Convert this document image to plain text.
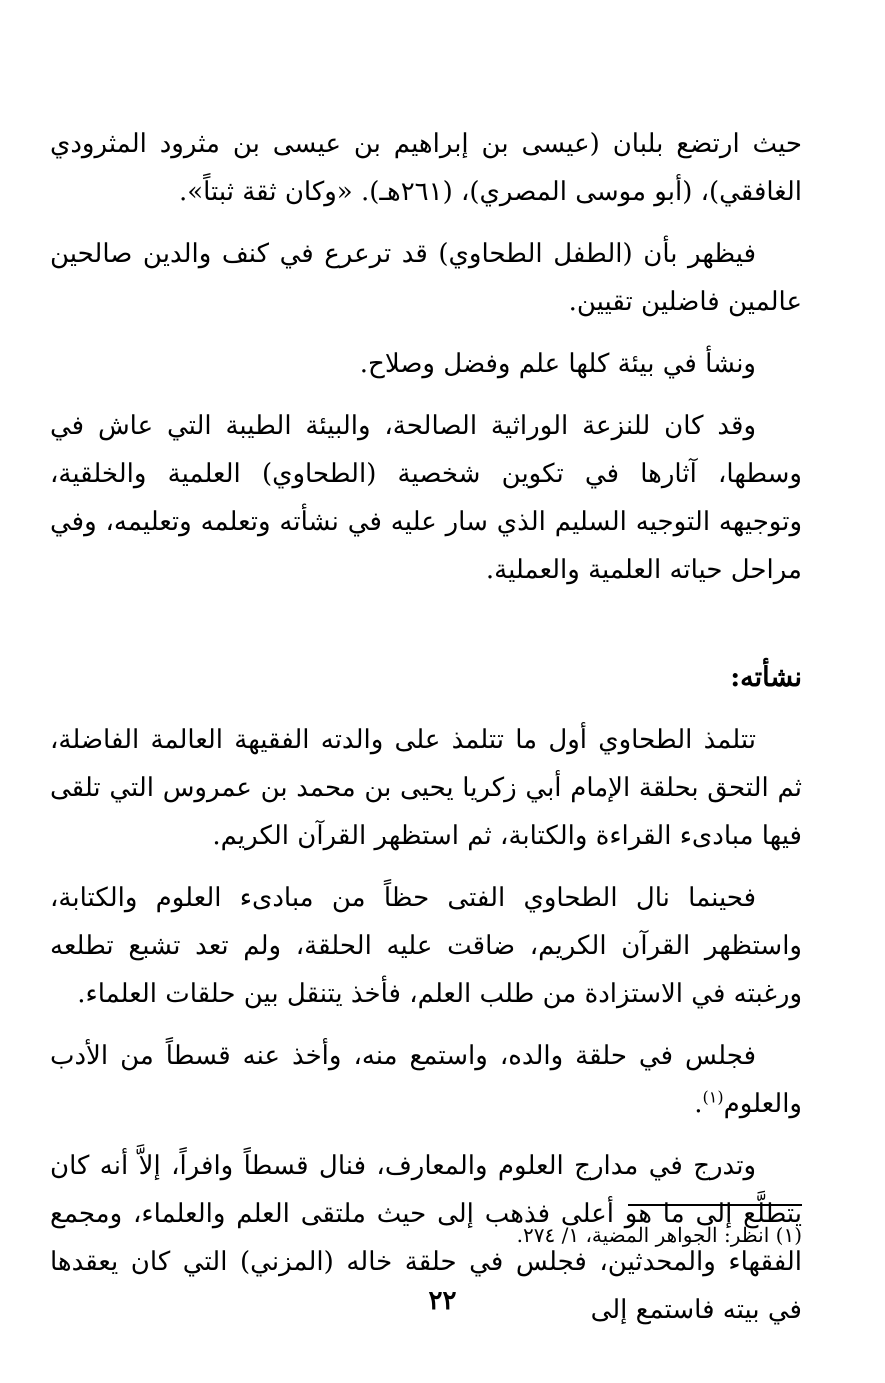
حيث ارتضع بلبان (عيسى بن إبراهيم بن عيسى بن مثرود المثرودي الغافقي)، (أبو موسى المصري)، (٢٦١هـ). «وكان ثقة ثبتاً».

فيظهر بأن (الطفل الطحاوي) قد ترعرع في كنف والدين صالحين عالمين فاضلين تقيين.

ونشأ في بيئة كلها علم وفضل وصلاح.

وقد كان للنزعة الوراثية الصالحة، والبيئة الطيبة التي عاش في وسطها، آثارها في تكوين شخصية (الطحاوي) العلمية والخلقية، وتوجيهه التوجيه السليم الذي سار عليه في نشأته وتعلمه وتعليمه، وفي مراحل حياته العلمية والعملية.

نشأته:

تتلمذ الطحاوي أول ما تتلمذ على والدته الفقيهة العالمة الفاضلة، ثم التحق بحلقة الإمام أبي زكريا يحيى بن محمد بن عمروس التي تلقى فيها مبادىء القراءة والكتابة، ثم استظهر القرآن الكريم.

فحينما نال الطحاوي الفتى حظاً من مبادىء العلوم والكتابة، واستظهر القرآن الكريم، ضاقت عليه الحلقة، ولم تعد تشبع تطلعه ورغبته في الاستزادة من طلب العلم، فأخذ يتنقل بين حلقات العلماء.

فجلس في حلقة والده، واستمع منه، وأخذ عنه قسطاً من الأدب والعلوم$^{(١)}$.

وتدرج في مدارج العلوم والمعارف، فنال قسطاً وافراً، إلاَّ أنه كان يتطلَّع إلى ما هو أعلى فذهب إلى حيث ملتقى العلم والعلماء، ومجمع الفقهاء والمحدثين، فجلس في حلقة خاله (المزني) التي كان يعقدها في بيته فاستمع إلى

(١) انظر: الجواهر المضية، ١/ ٢٧٤.
٢٢
